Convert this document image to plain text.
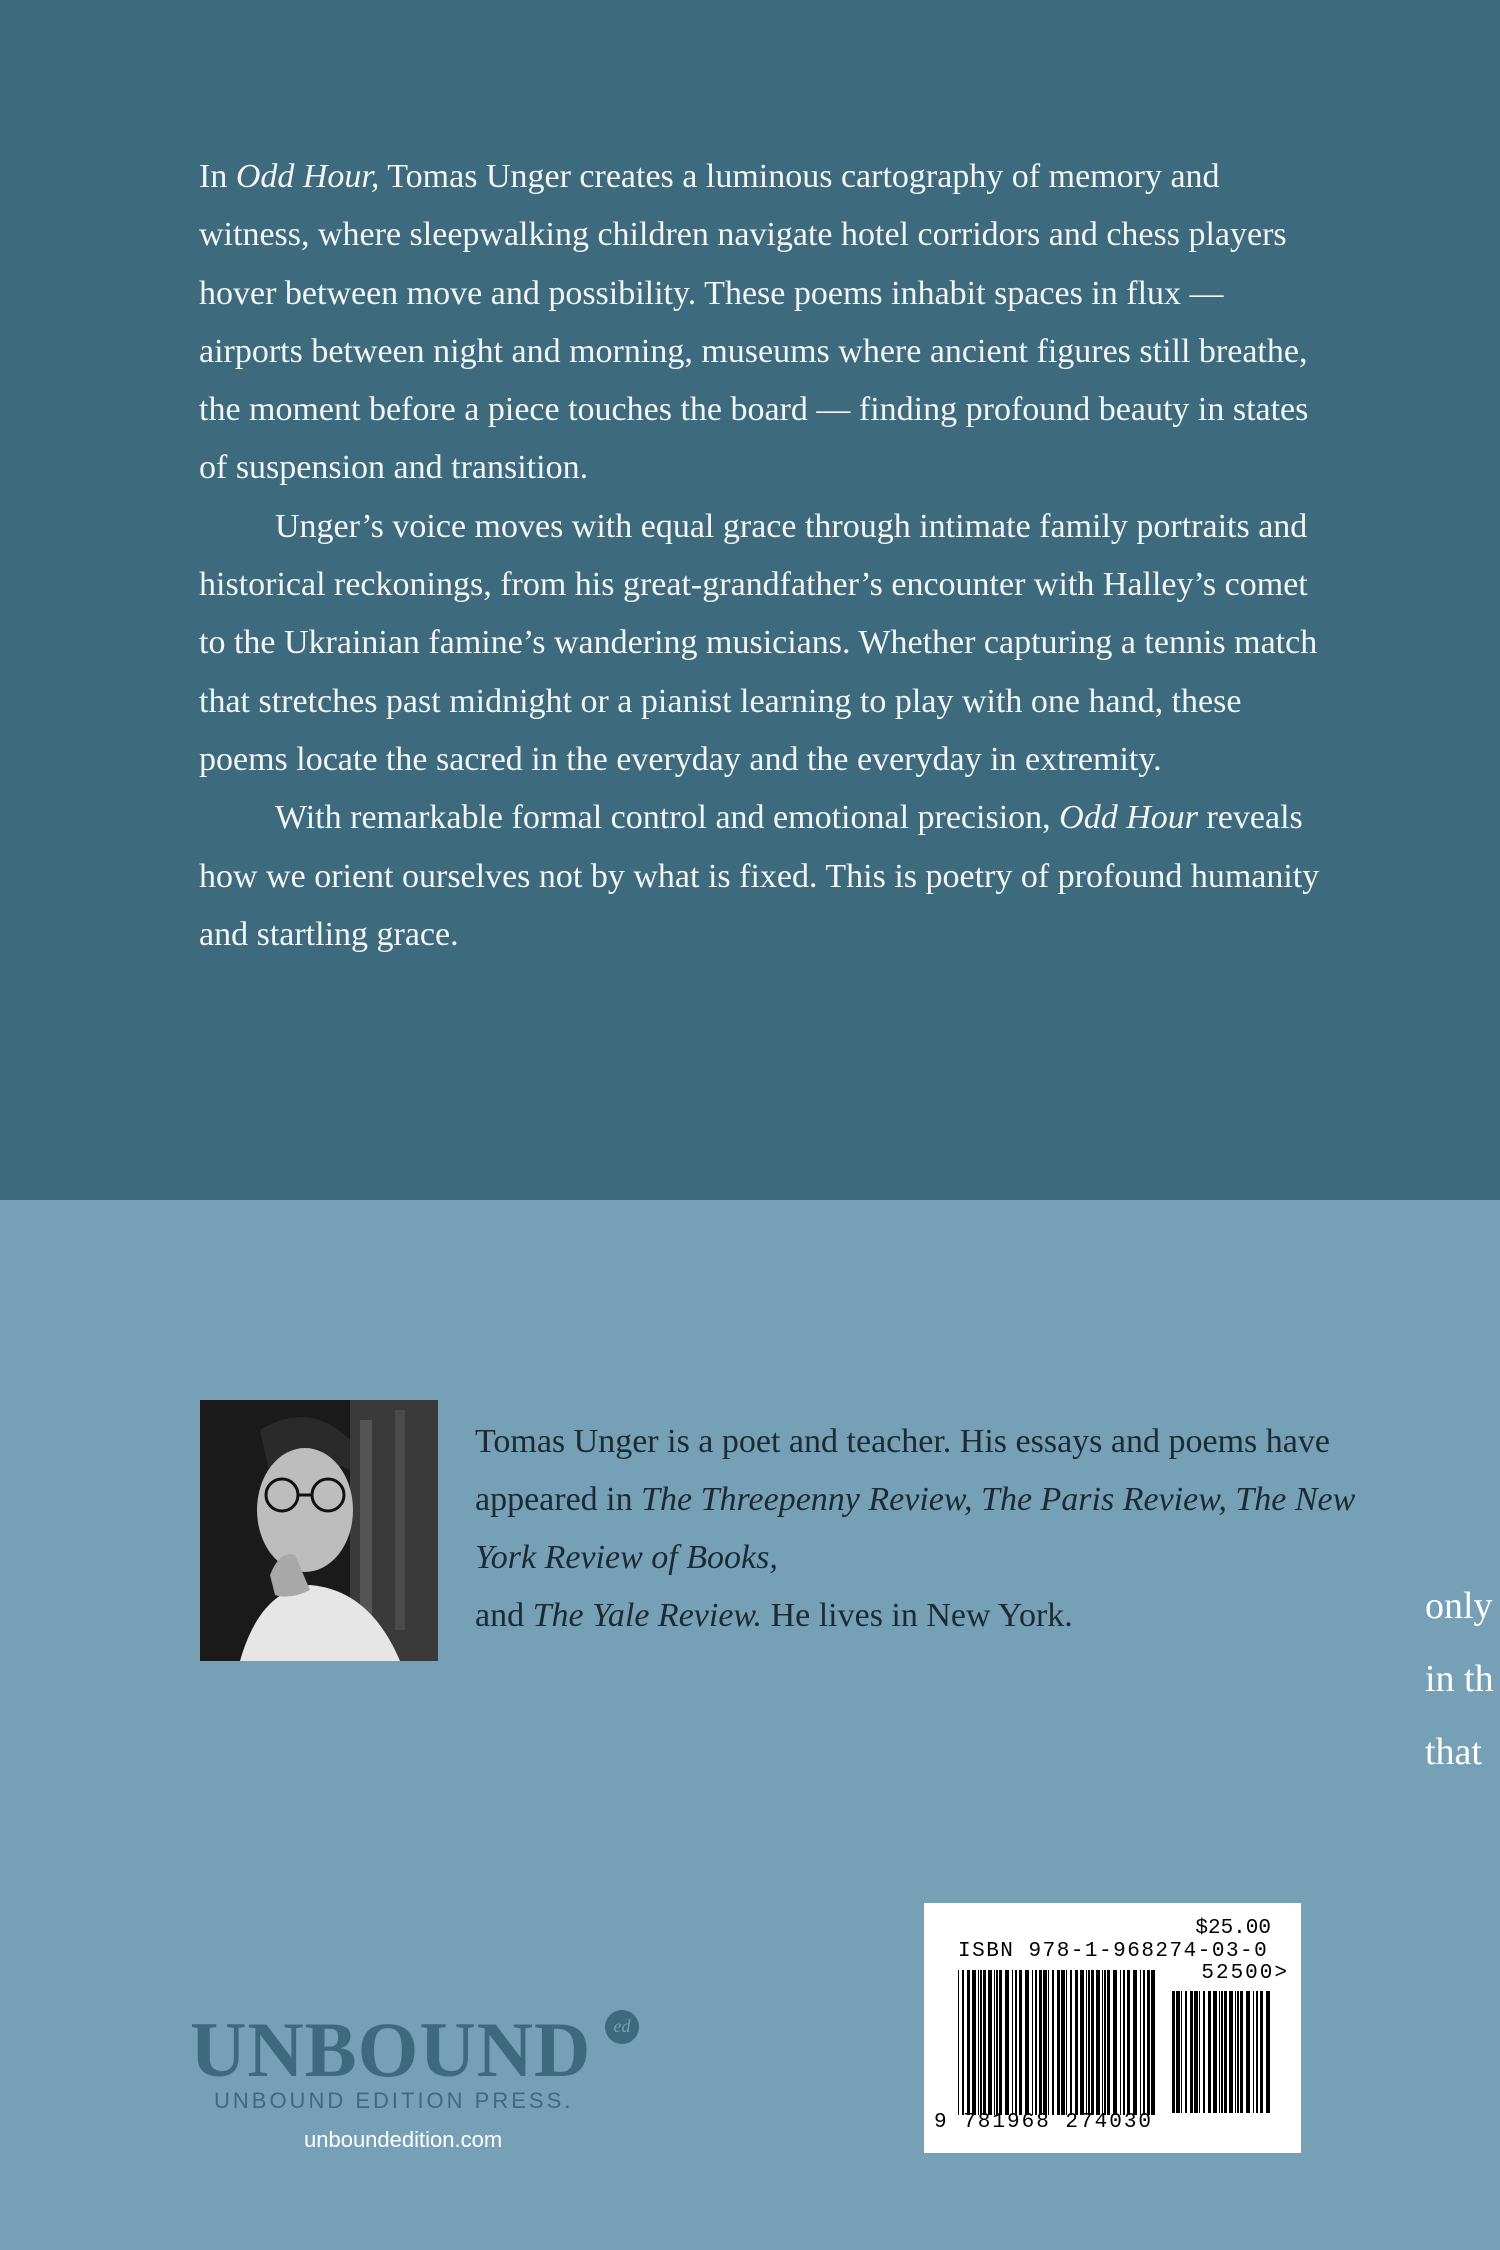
In Odd Hour, Tomas Unger creates a luminous cartography of memory and witness, where sleepwalking children navigate hotel corridors and chess players hover between move and possibility. These poems inhabit spaces in flux — airports between night and morning, museums where ancient figures still breathe, the moment before a piece touches the board — finding profound beauty in states of suspension and transition.

Unger’s voice moves with equal grace through intimate family portraits and historical reckonings, from his great-grandfather’s encounter with Halley’s comet to the Ukrainian famine’s wandering musicians. Whether capturing a tennis match that stretches past midnight or a pianist learning to play with one hand, these poems locate the sacred in the everyday and the everyday in extremity.

With remarkable formal control and emotional precision, Odd Hour reveals how we orient ourselves not by what is fixed. This is poetry of profound humanity and startling grace.

Tomas Unger is a poet and teacher. His essays and poems have appeared in The Threepenny Review, The Paris Review, The New York Review of Books,
and The Yale Review. He lives in New York.	only
in th
that
UNBOUND	ed
UNBOUND EDITION PRESS.
unboundedition.com
$25.00
ISBN 978-1-968274-03-0
52500>
9 781968 274030
